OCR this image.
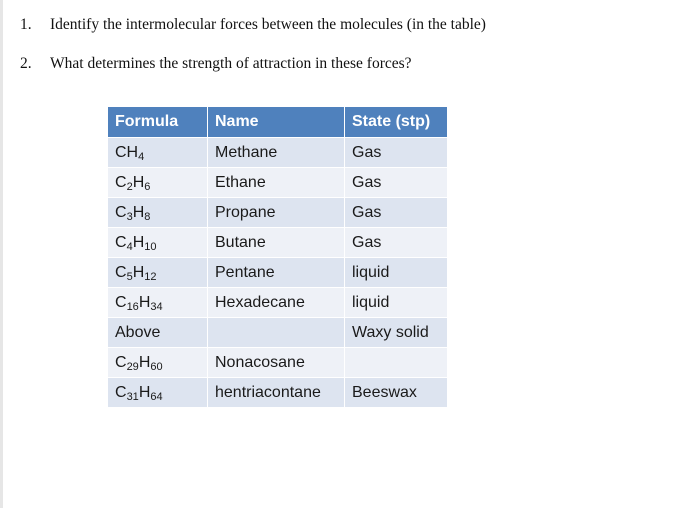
1. Identify the intermolecular forces between the molecules (in the table)
2. What determines the strength of attraction in these forces?
Formula	Name	State (stp)
$CH_4$	Methane	Gas
$C_2H_6$	Ethane	Gas
$C_3H_8$	Propane	Gas
$C_4H_{10}$	Butane	Gas
$C_5H_{12}$	Pentane	liquid
$C_{16}H_{34}$	Hexadecane	liquid
Above		Waxy solid
$C_{29}H_{60}$	Nonacosane	
$C_{31}H_{64}$	hentriacontane	Beeswax
